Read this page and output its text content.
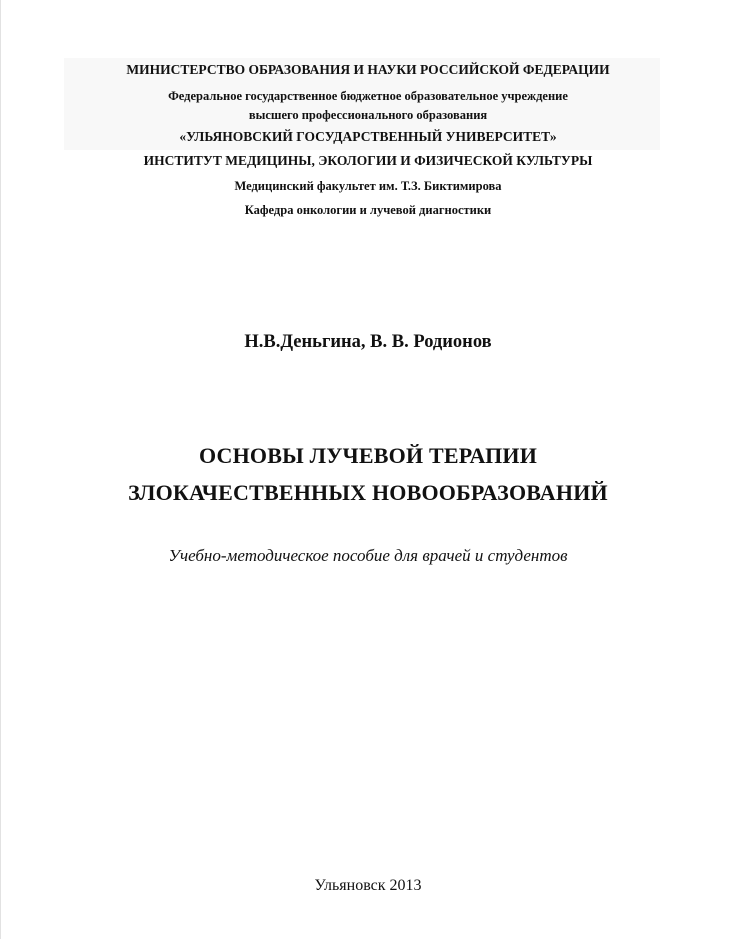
МИНИСТЕРСТВО ОБРАЗОВАНИЯ И НАУКИ РОССИЙСКОЙ ФЕДЕРАЦИИ
Федеральное государственное бюджетное образовательное учреждение
высшего профессионального образования
«УЛЬЯНОВСКИЙ ГОСУДАРСТВЕННЫЙ УНИВЕРСИТЕТ»
ИНСТИТУТ МЕДИЦИНЫ, ЭКОЛОГИИ И ФИЗИЧЕСКОЙ КУЛЬТУРЫ
Медицинский факультет им. Т.З. Биктимирова
Кафедра онкологии и лучевой диагностики
Н.В.Деньгина, В. В. Родионов
ОСНОВЫ ЛУЧЕВОЙ ТЕРАПИИ
ЗЛОКАЧЕСТВЕННЫХ НОВООБРАЗОВАНИЙ
Учебно-методическое пособие для врачей и студентов
Ульяновск 2013
